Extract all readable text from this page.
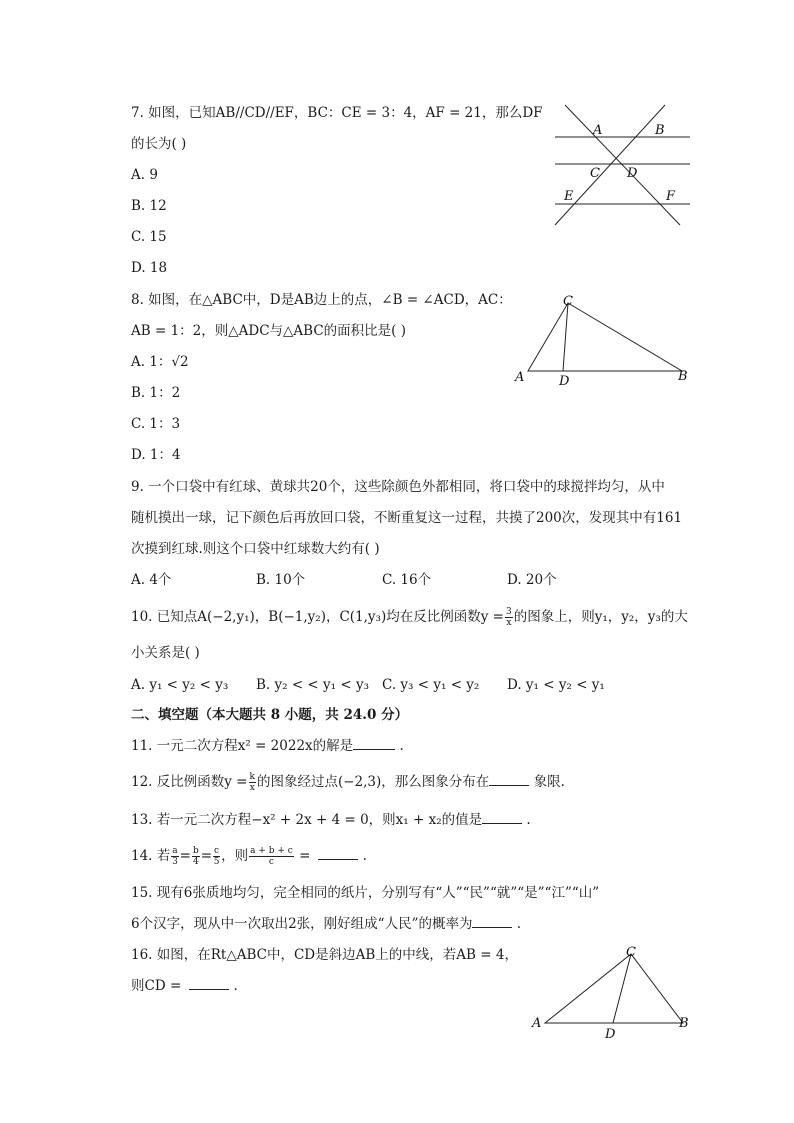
7. 如图，已知AB//CD//EF，BC：CE = 3：4，AF = 21，那么DF
的长为( )
A. 9
B. 12
C. 15
D. 18
A	B
C D
E	F
8. 如图，在△ABC中，D是AB边上的点，∠B = ∠ACD，AC：
AB = 1：2，则△ADC与△ABC的面积比是( )
A. 1：√2
B. 1：2
C. 1：3
D. 1：4
A	B
C
D
9. 一个口袋中有红球、黄球共20个，这些除颜色外都相同，将口袋中的球搅拌均匀，从中
随机摸出一球，记下颜色后再放回口袋，不断重复这一过程，共摸了200次，发现其中有161
次摸到红球.则这个口袋中红球数大约有( )
A. 4个	B. 10个	C. 16个	D. 20个
10. 已知点A(−2,y₁)，B(−1,y₂)，C(1,y₃)均在反比例函数$y = \frac{3}{x}$ 的图象上，则y₁，y₂，y₃的大
小关系是( )
A. y₁ < y₂ < y₃ B. y₂ < < y₁ < y₃ C. y₃ < y₁ < y₂ D. y₁ < y₂ < y₁
二、填空题（本大题共 8 小题，共 24.0 分）
11. 一元二次方程x² = 2022x的解是	.
12. 反比例函数$y = \frac{k}{x}$ 的图象经过点(−2,3)，那么图象分布在	象限.
13. 若一元二次方程−x² + 2x + 4 = 0，则x₁ + x₂的值是	.
14. 若 $\frac{a}{3} = \frac{b}{4} = \frac{c}{5}$ ，则 $\frac{a + b + c}{c}$ =	.
15. 现有6张质地均匀，完全相同的纸片，分别写有“人”“民”“就”“是”“江”“山”
6个汉字，现从中一次取出2张，刚好组成“人民”的概率为	.
16. 如图，在Rt△ABC中，CD是斜边AB上的中线，若AB = 4，
则CD =	.
A	B
C
D
